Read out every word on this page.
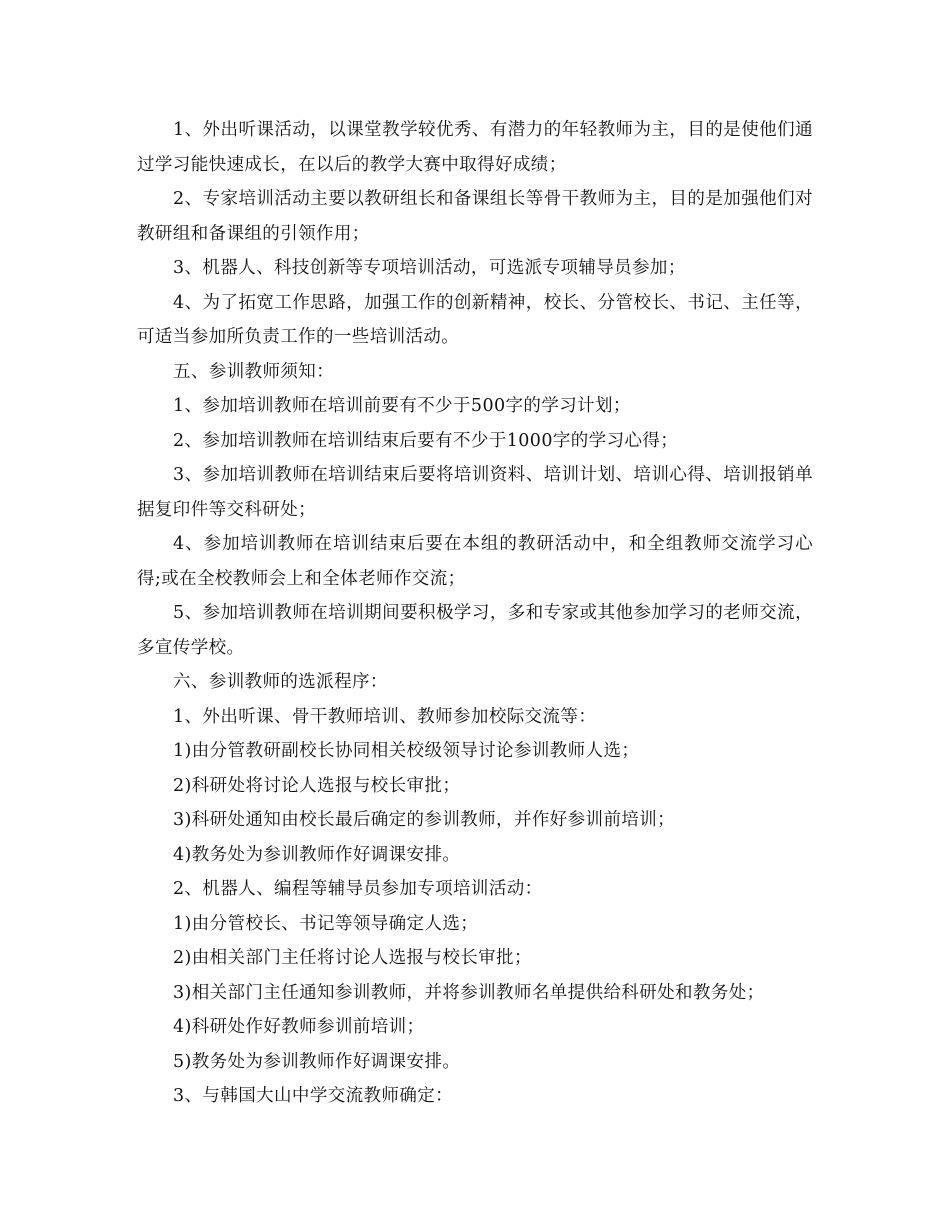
1、外出听课活动，以课堂教学较优秀、有潜力的年轻教师为主，目的是使他们通过学习能快速成长，在以后的教学大赛中取得好成绩；

2、专家培训活动主要以教研组长和备课组长等骨干教师为主，目的是加强他们对教研组和备课组的引领作用；

3、机器人、科技创新等专项培训活动，可选派专项辅导员参加；

4、为了拓宽工作思路，加强工作的创新精神，校长、分管校长、书记、主任等，可适当参加所负责工作的一些培训活动。

五、参训教师须知：

1、参加培训教师在培训前要有不少于500字的学习计划；

2、参加培训教师在培训结束后要有不少于1000字的学习心得；

3、参加培训教师在培训结束后要将培训资料、培训计划、培训心得、培训报销单据复印件等交科研处；

4、参加培训教师在培训结束后要在本组的教研活动中，和全组教师交流学习心得;或在全校教师会上和全体老师作交流；

5、参加培训教师在培训期间要积极学习，多和专家或其他参加学习的老师交流，多宣传学校。

六、参训教师的选派程序：

1、外出听课、骨干教师培训、教师参加校际交流等：

1)由分管教研副校长协同相关校级领导讨论参训教师人选；

2)科研处将讨论人选报与校长审批；

3)科研处通知由校长最后确定的参训教师，并作好参训前培训；

4)教务处为参训教师作好调课安排。

2、机器人、编程等辅导员参加专项培训活动：

1)由分管校长、书记等领导确定人选；

2)由相关部门主任将讨论人选报与校长审批；

3)相关部门主任通知参训教师，并将参训教师名单提供给科研处和教务处；

4)科研处作好教师参训前培训；

5)教务处为参训教师作好调课安排。

3、与韩国大山中学交流教师确定：
